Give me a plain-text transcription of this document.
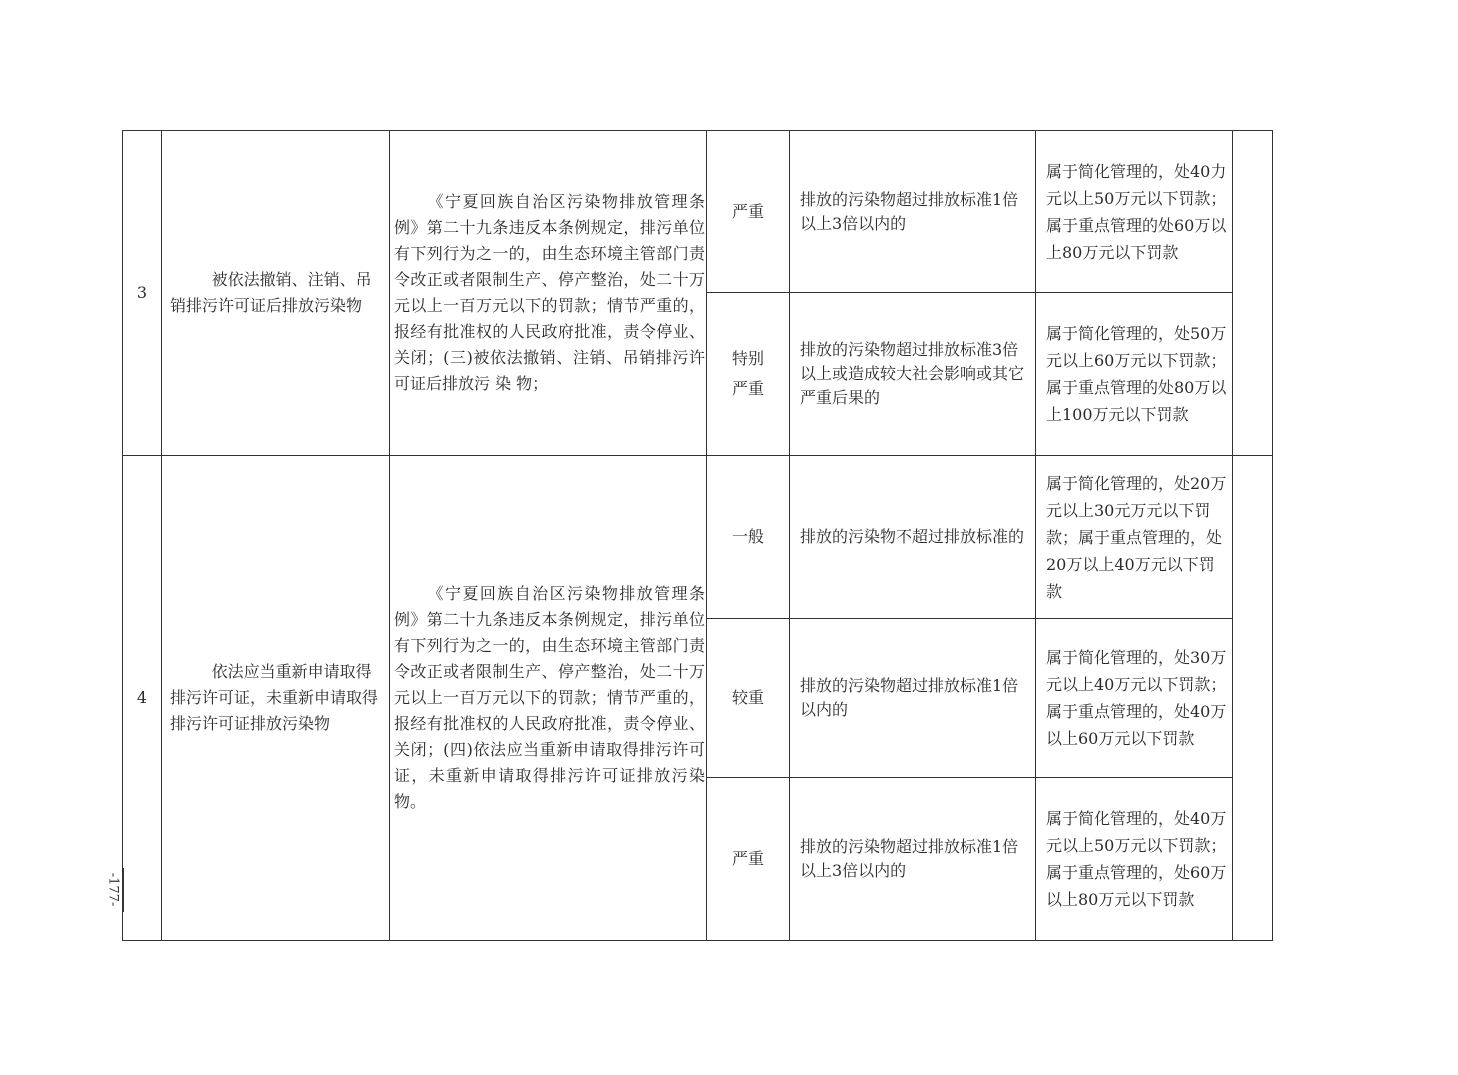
3	被依法撤销、注销、吊销排污许可证后排放污染物	《宁夏回族自治区污染物排放管理条例》第二十九条违反本条例规定，排污单位有下列行为之一的，由生态环境主管部门责令改正或者限制生产、停产整治，处二十万元以上一百万元以下的罚款；情节严重的，报经有批准权的人民政府批准，责令停业、关闭；(三)被依法撤销、注销、吊销排污许可证后排放污 染 物；	严重	排放的污染物超过排放标准1倍以上3倍以内的	属于简化管理的，处40力元以上50万元以下罚款；属于重点管理的处60万以上80万元以下罚款	

			特别严重	排放的污染物超过排放标准3倍以上或造成较大社会影响或其它严重后果的	属于简化管理的，处50万元以上60万元以下罚款；属于重点管理的处80万以上100万元以下罚款	

4	依法应当重新申请取得排污许可证，未重新申请取得排污许可证排放污染物	《宁夏回族自治区污染物排放管理条例》第二十九条违反本条例规定，排污单位有下列行为之一的，由生态环境主管部门责令改正或者限制生产、停产整治，处二十万元以上一百万元以下的罚款；情节严重的，报经有批准权的人民政府批准，责令停业、关闭；(四)依法应当重新申请取得排污许可证，未重新申请取得排污许可证排放污染物。	一般	排放的污染物不超过排放标准的	属于简化管理的，处20万元以上30元万元以下罚款；属于重点管理的，处20万以上40万元以下罚款	

			较重	排放的污染物超过排放标准1倍以内的	属于简化管理的，处30万元以上40万元以下罚款；属于重点管理的，处40万以上60万元以下罚款	

			严重	排放的污染物超过排放标准1倍以上3倍以内的	属于简化管理的，处40万元以上50万元以下罚款；属于重点管理的，处60万以上80万元以下罚款	
-177-
